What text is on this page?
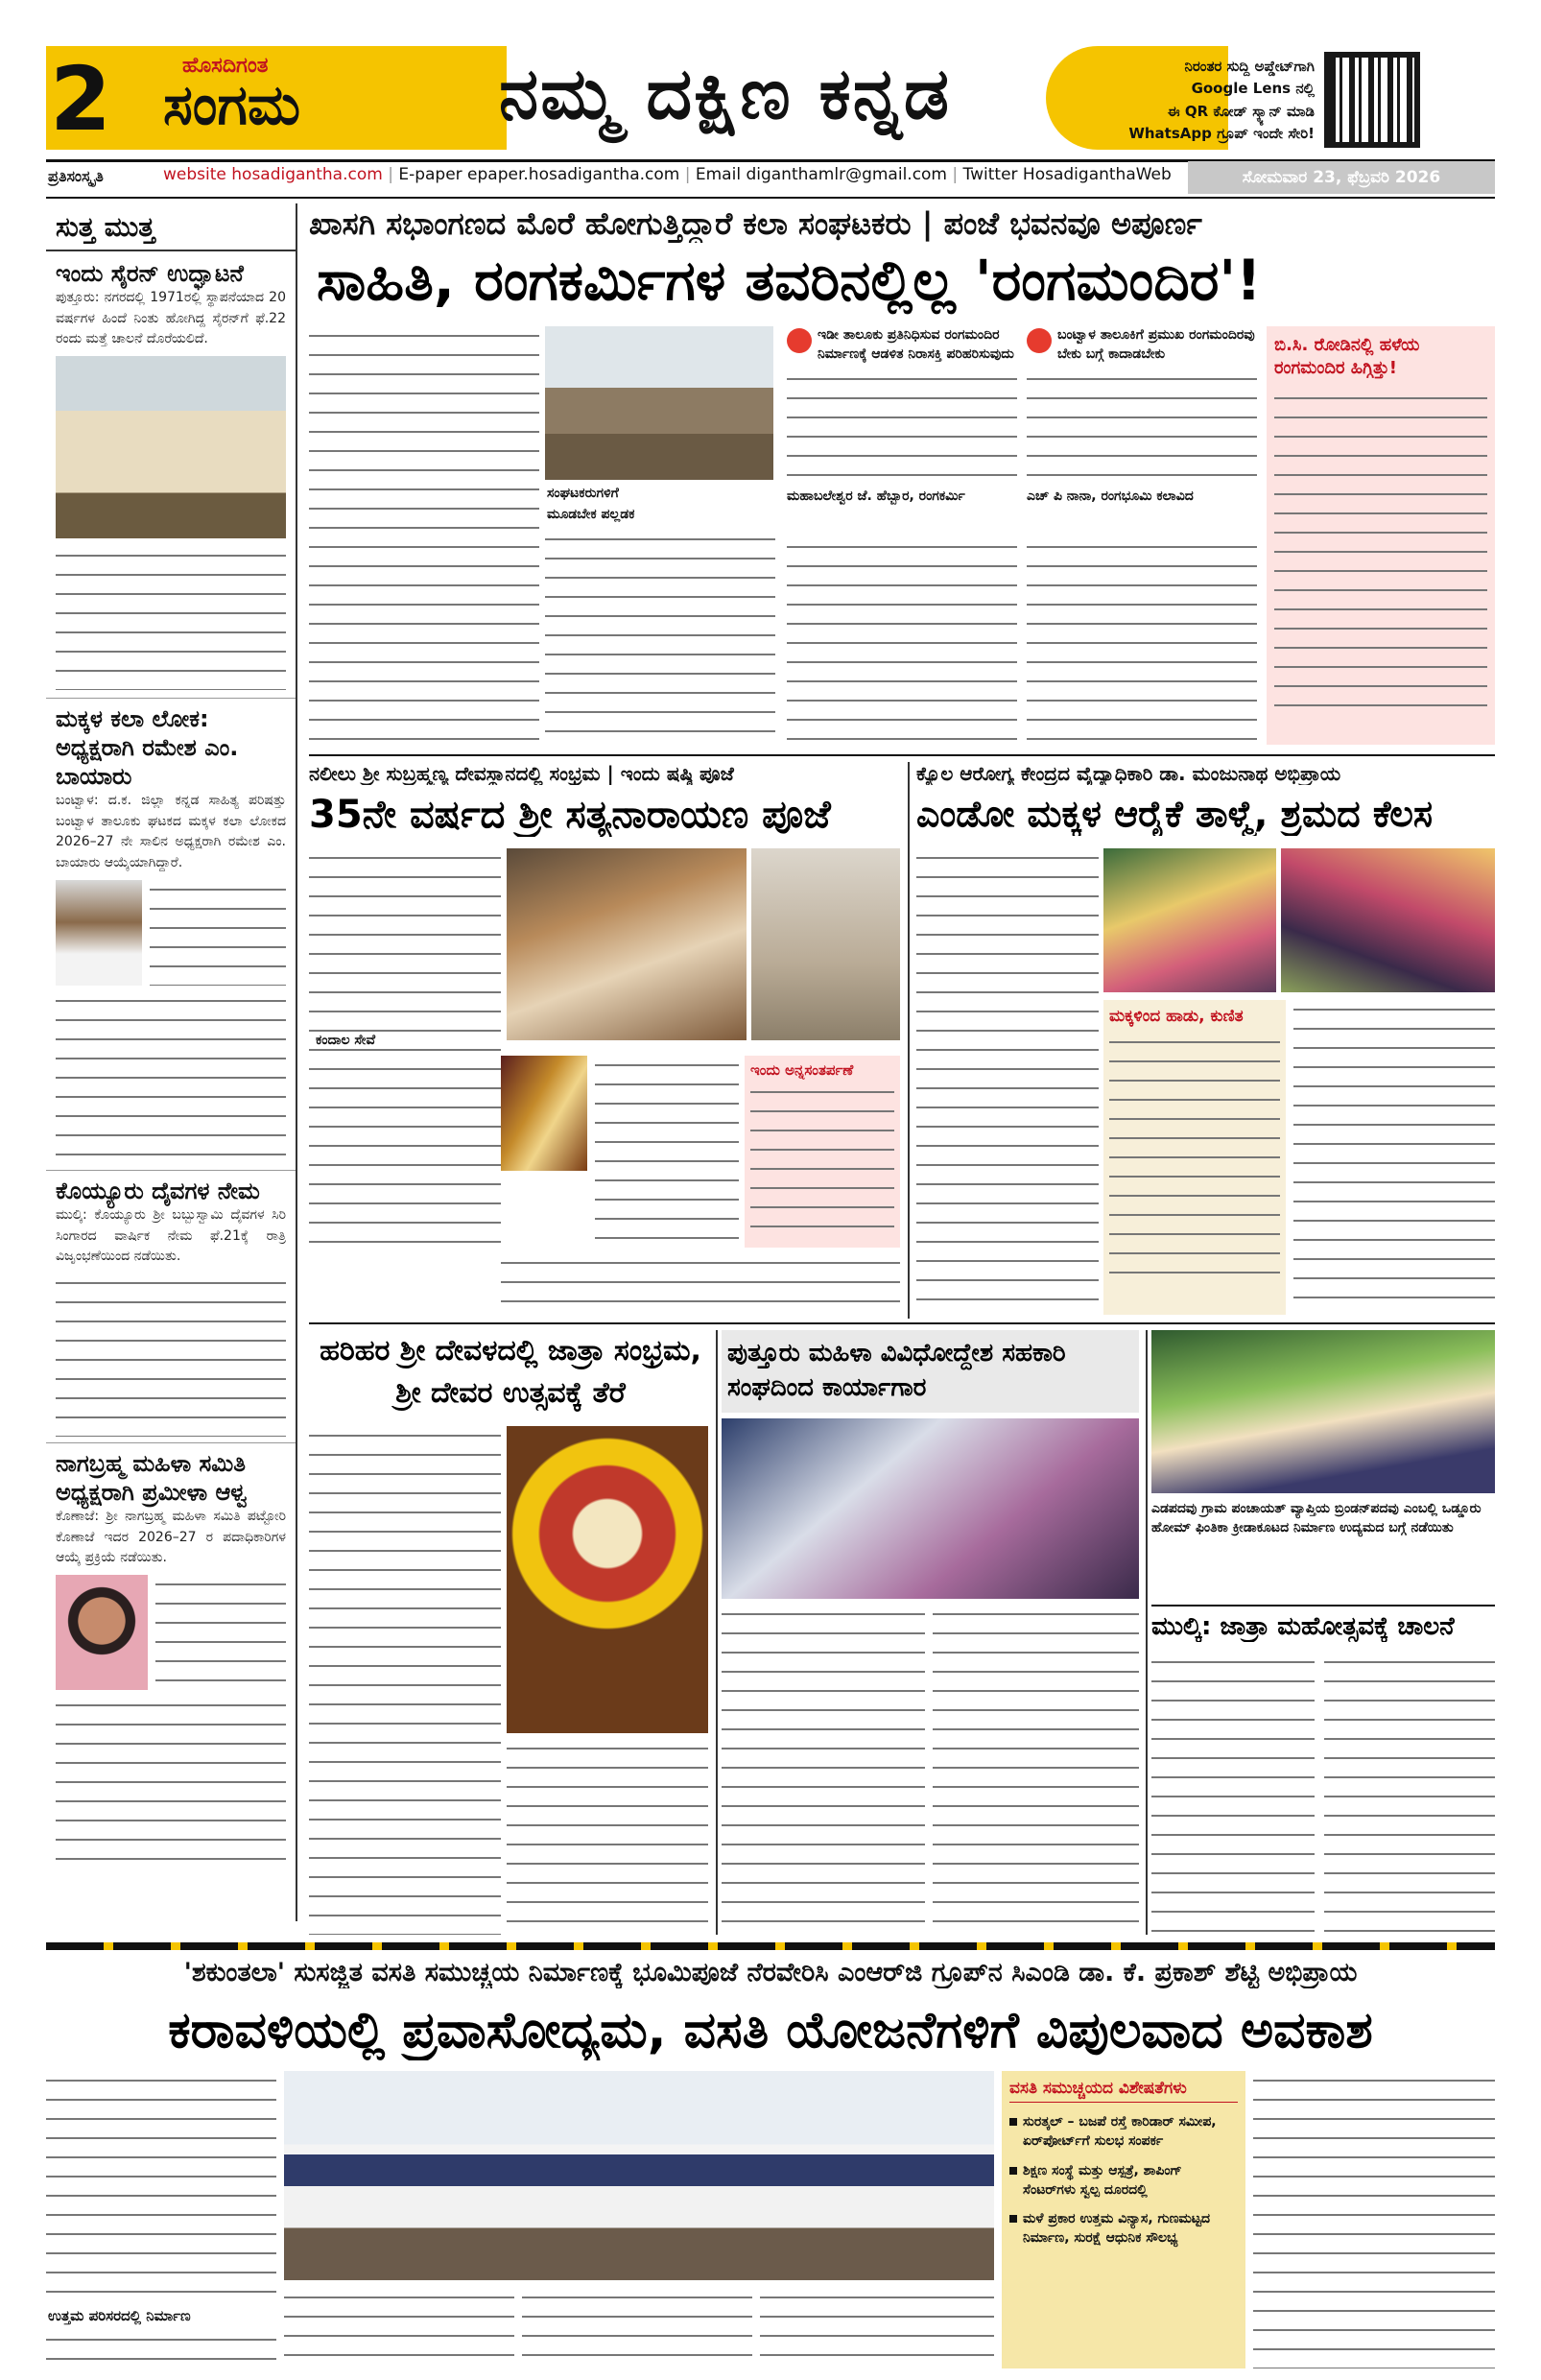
2	ಹೊಸದಿಗಂತ
ಸಂಗಮ	ನಮ್ಮ ದಕ್ಷಿಣ ಕನ್ನಡ	ನಿರಂತರ ಸುದ್ದಿ ಅಪ್ಡೇಟ್‌ಗಾಗಿ
Google Lens ನಲ್ಲಿ
ಈ QR ಕೋಡ್ ಸ್ಕ್ಯಾನ್ ಮಾಡಿ
WhatsApp ಗ್ರೂಪ್ ಇಂದೇ ಸೇರಿ!
ಪ್ರತಿಸಂಸ್ಕೃತಿ	website hosadigantha.com | E-paper epaper.hosadigantha.com | Email diganthamlr@gmail.com | Twitter HosadiganthaWeb	ಸೋಮವಾರ 23, ಫೆಬ್ರವರಿ 2026
ಸುತ್ತ ಮುತ್ತ
ಇಂದು ಸೈರನ್ ಉದ್ಘಾಟನೆ
ಪುತ್ತೂರು: ನಗರದಲ್ಲಿ 1971ರಲ್ಲಿ ಸ್ಥಾಪನೆಯಾದ 20 ವರ್ಷಗಳ ಹಿಂದೆ ನಿಂತು ಹೋಗಿದ್ದ ಸೈರನ್‌ಗೆ ಫೆ.22 ರಂದು ಮತ್ತೆ ಚಾಲನೆ ದೊರೆಯಲಿದೆ.
ಮಕ್ಕಳ ಕಲಾ ಲೋಕ: ಅಧ್ಯಕ್ಷರಾಗಿ ರಮೇಶ ಎಂ. ಬಾಯಾರು
ಬಂಟ್ವಾಳ: ದ.ಕ. ಜಿಲ್ಲಾ ಕನ್ನಡ ಸಾಹಿತ್ಯ ಪರಿಷತ್ತು ಬಂಟ್ವಾಳ ತಾಲೂಕು ಘಟಕದ ಮಕ್ಕಳ ಕಲಾ ಲೋಕದ 2026–27 ನೇ ಸಾಲಿನ ಅಧ್ಯಕ್ಷರಾಗಿ ರಮೇಶ ಎಂ. ಬಾಯಾರು ಆಯ್ಕೆಯಾಗಿದ್ದಾರೆ.
ಕೊಯ್ಯೂರು ದೈವಗಳ ನೇಮ
ಮುಲ್ಕಿ: ಕೊಯ್ಯೂರು ಶ್ರೀ ಬಬ್ಬುಸ್ವಾಮಿ ದೈವಗಳ ಸಿರಿ ಸಿಂಗಾರದ ವಾರ್ಷಿಕ ನೇಮ ಫೆ.21ಕ್ಕೆ ರಾತ್ರಿ ವಿಜೃಂಭಣೆಯಿಂದ ನಡೆಯಿತು.
ನಾಗಬ್ರಹ್ಮ ಮಹಿಳಾ ಸಮಿತಿ ಅಧ್ಯಕ್ಷರಾಗಿ ಪ್ರಮೀಳಾ ಆಳ್ವ
ಕೊಣಾಜೆ: ಶ್ರೀ ನಾಗಬ್ರಹ್ಮ ಮಹಿಳಾ ಸಮಿತಿ ಪಟ್ಟೋರಿ ಕೊಣಾಜೆ ಇದರ 2026–27 ರ ಪದಾಧಿಕಾರಿಗಳ ಆಯ್ಕೆ ಪ್ರಕ್ರಿಯೆ ನಡೆಯಿತು.
ಖಾಸಗಿ ಸಭಾಂಗಣದ ಮೊರೆ ಹೋಗುತ್ತಿದ್ದಾರೆ ಕಲಾ ಸಂಘಟಕರು | ಪಂಜೆ ಭವನವೂ ಅಪೂರ್ಣ
ಸಾಹಿತಿ, ರಂಗಕರ್ಮಿಗಳ ತವರಿನಲ್ಲಿಲ್ಲ 'ರಂಗಮಂದಿರ'!
ಸಂಘಟಕರುಗಳಿಗೆ
ಮೂಡಬೇಕ ಪಲ್ಲಡಕ
ಇಡೀ ತಾಲೂಕು ಪ್ರತಿನಿಧಿಸುವ ರಂಗಮಂದಿರ ನಿರ್ಮಾಣಕ್ಕೆ ಆಡಳಿತ ನಿರಾಸಕ್ತಿ ಪರಿಹರಿಸುವುದು
ಮಹಾಬಲೇಶ್ವರ ಜೆ. ಹೆಬ್ಬಾರ, ರಂಗಕರ್ಮಿ
ಬಂಟ್ವಾಳ ತಾಲೂಕಿಗೆ ಪ್ರಮುಖ ರಂಗಮಂದಿರವು ಬೇಕು ಬಗ್ಗೆ ಕಾದಾಡಬೇಕು
ಎಚ್ ಪಿ ನಾನಾ, ರಂಗಭೂಮಿ ಕಲಾವಿದ
ಬಿ.ಸಿ. ರೋಡಿನಲ್ಲಿ ಹಳೆಯ ರಂಗಮಂದಿರ ಹಿಗ್ಗಿತ್ತು!
ನಲೀಲು ಶ್ರೀ ಸುಬ್ರಹ್ಮಣ್ಯ ದೇವಸ್ಥಾನದಲ್ಲಿ ಸಂಭ್ರಮ | ಇಂದು ಷಷ್ಠಿ ಪೂಜೆ
35ನೇ ವರ್ಷದ ಶ್ರೀ ಸತ್ಯನಾರಾಯಣ ಪೂಜೆ
ಕಂದಾಲ ಸೇವೆ
ಇಂದು ಅನ್ನಸಂತರ್ಪಣೆ
ಕ್ಯೊಲ ಆರೋಗ್ಯ ಕೇಂದ್ರದ ವೈದ್ಯಾಧಿಕಾರಿ ಡಾ. ಮಂಜುನಾಥ ಅಭಿಪ್ರಾಯ
ಎಂಡೋ ಮಕ್ಕಳ ಆರೈಕೆ ತಾಳ್ಮೆ, ಶ್ರಮದ ಕೆಲಸ
ಮಕ್ಕಳಿಂದ ಹಾಡು, ಕುಣಿತ
ಹರಿಹರ ಶ್ರೀ ದೇವಳದಲ್ಲಿ ಜಾತ್ರಾ ಸಂಭ್ರಮ, ಶ್ರೀ ದೇವರ ಉತ್ಸವಕ್ಕೆ ತೆರೆ
ಪುತ್ತೂರು ಮಹಿಳಾ ವಿವಿಧೋದ್ದೇಶ ಸಹಕಾರಿ ಸಂಘದಿಂದ ಕಾರ್ಯಾಗಾರ
ಎಡಪದವು ಗ್ರಾಮ ಪಂಚಾಯತ್ ವ್ಯಾಪ್ತಿಯ ಬ್ರಿಂಡನ್‌ಪದವು ಎಂಬಲ್ಲಿ ಒಡ್ಡೂರು ಹೋಮ್ ಫಿಂತಿಕಾ ಕ್ರೀಡಾಕೂಟದ ನಿರ್ಮಾಣ ಉದ್ಯಮದ ಬಗ್ಗೆ ನಡೆಯಿತು
ಮುಲ್ಕಿ: ಜಾತ್ರಾ ಮಹೋತ್ಸವಕ್ಕೆ ಚಾಲನೆ
'ಶಕುಂತಲಾ' ಸುಸಜ್ಜಿತ ವಸತಿ ಸಮುಚ್ಚಯ ನಿರ್ಮಾಣಕ್ಕೆ ಭೂಮಿಪೂಜೆ ನೆರವೇರಿಸಿ ಎಂಆರ್‌ಜಿ ಗ್ರೂಪ್‌ನ ಸಿಎಂಡಿ ಡಾ. ಕೆ. ಪ್ರಕಾಶ್ ಶೆಟ್ಟಿ ಅಭಿಪ್ರಾಯ
ಕರಾವಳಿಯಲ್ಲಿ ಪ್ರವಾಸೋದ್ಯಮ, ವಸತಿ ಯೋಜನೆಗಳಿಗೆ ವಿಪುಲವಾದ ಅವಕಾಶ
ಉತ್ತಮ ಪರಿಸರದಲ್ಲಿ ನಿರ್ಮಾಣ
ವಸತಿ ಸಮುಚ್ಚಯದ ವಿಶೇಷತೆಗಳು
ಸುರತ್ಕಲ್ – ಬಜಪೆ ರಸ್ತೆ ಕಾರಿಡಾರ್ ಸಮೀಪ, ಏರ್‌ಪೋರ್ಟ್‌ಗೆ ಸುಲಭ ಸಂಪರ್ಕ
ಶಿಕ್ಷಣ ಸಂಸ್ಥೆ ಮತ್ತು ಆಸ್ಪತ್ರೆ, ಶಾಪಿಂಗ್ ಸೆಂಟರ್‌ಗಳು ಸ್ವಲ್ಪ ದೂರದಲ್ಲಿ
ಮಳೆ ಪ್ರಕಾರ ಉತ್ತಮ ವಿನ್ಯಾಸ, ಗುಣಮಟ್ಟದ ನಿರ್ಮಾಣ, ಸುರಕ್ಷೆ ಆಧುನಿಕ ಸೌಲಭ್ಯ
